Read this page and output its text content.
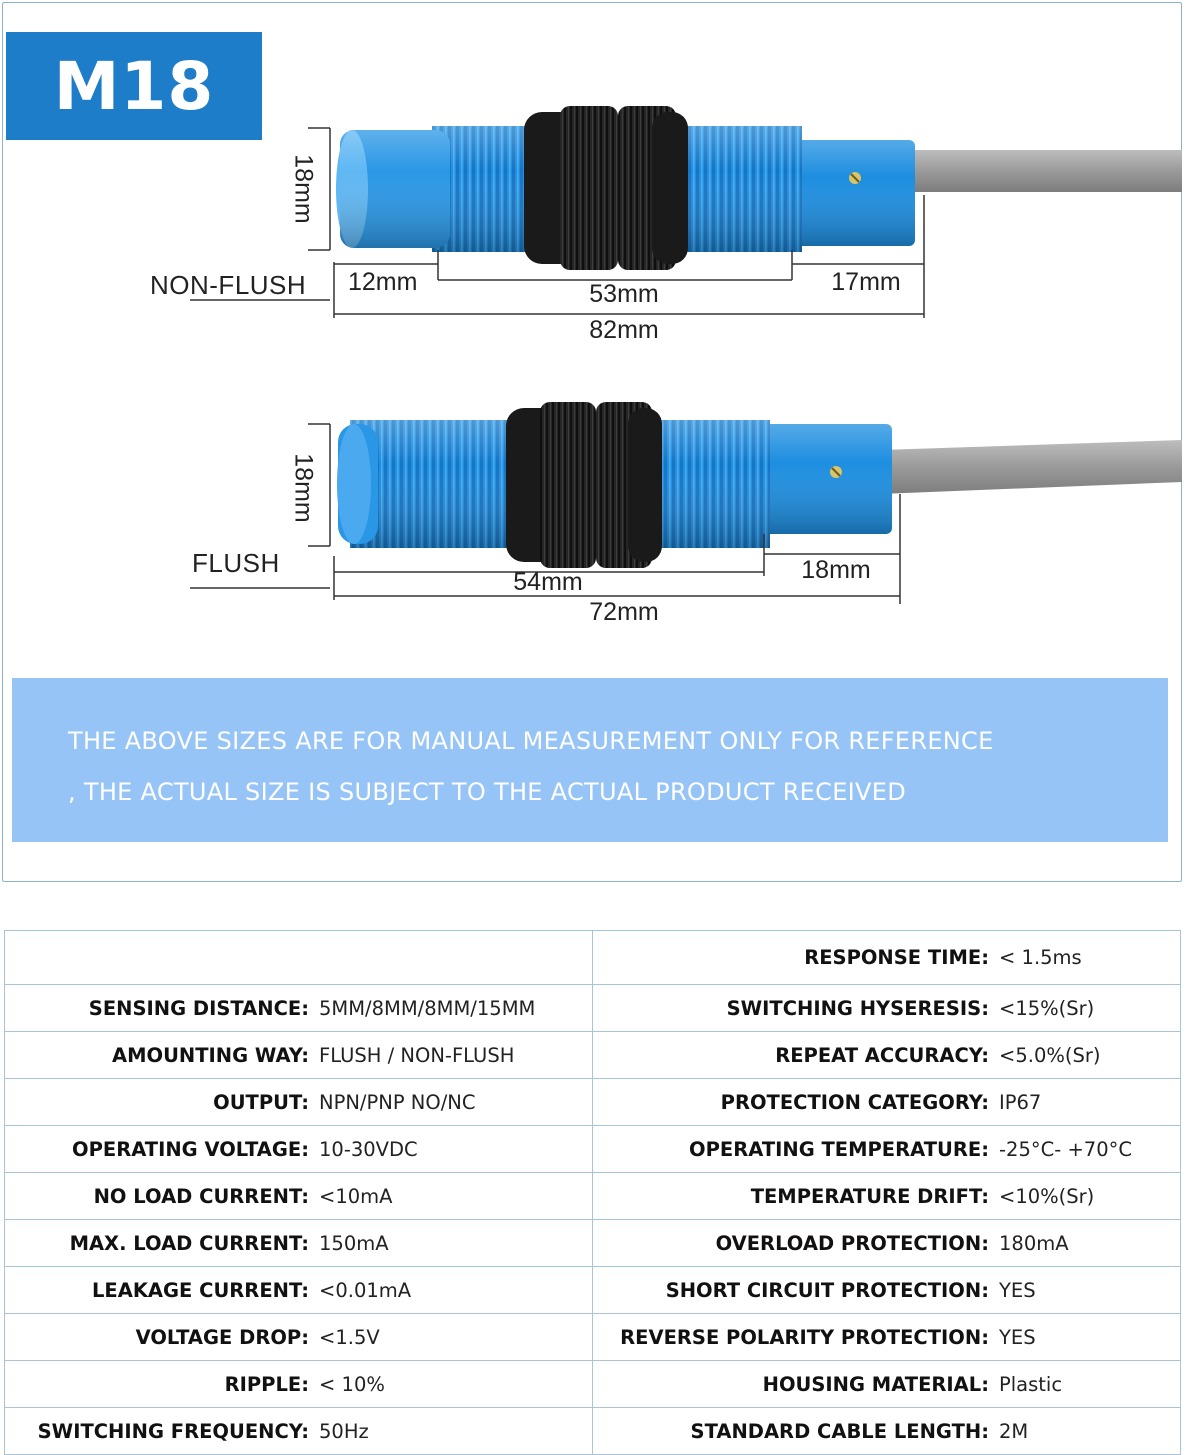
M18
18mm
NON-FLUSH 12mm	53mm	17mm
82mm
18mm
FLUSH
54mm	18mm
72mm
THE ABOVE SIZES ARE FOR MANUAL MEASUREMENT ONLY FOR REFERENCE
, THE ACTUAL SIZE IS SUBJECT TO THE ACTUAL PRODUCT RECEIVED

	RESPONSE TIME: < 1.5ms

SENSING DISTANCE: 5MM/8MM/8MM/15MM	SWITCHING HYSERESIS: <15%(Sr)

AMOUNTING WAY: FLUSH / NON-FLUSH	REPEAT ACCURACY: <5.0%(Sr)

OUTPUT: NPN/PNP NO/NC	PROTECTION CATEGORY: IP67

OPERATING VOLTAGE: 10-30VDC	OPERATING TEMPERATURE: -25°C- +70°C

NO LOAD CURRENT: <10mA	TEMPERATURE DRIFT: <10%(Sr)

MAX. LOAD CURRENT: 150mA	OVERLOAD PROTECTION: 180mA

LEAKAGE CURRENT: <0.01mA	SHORT CIRCUIT PROTECTION: YES

VOLTAGE DROP: <1.5V	REVERSE POLARITY PROTECTION: YES

RIPPLE: < 10%	HOUSING MATERIAL: Plastic

SWITCHING FREQUENCY: 50Hz	STANDARD CABLE LENGTH: 2M
